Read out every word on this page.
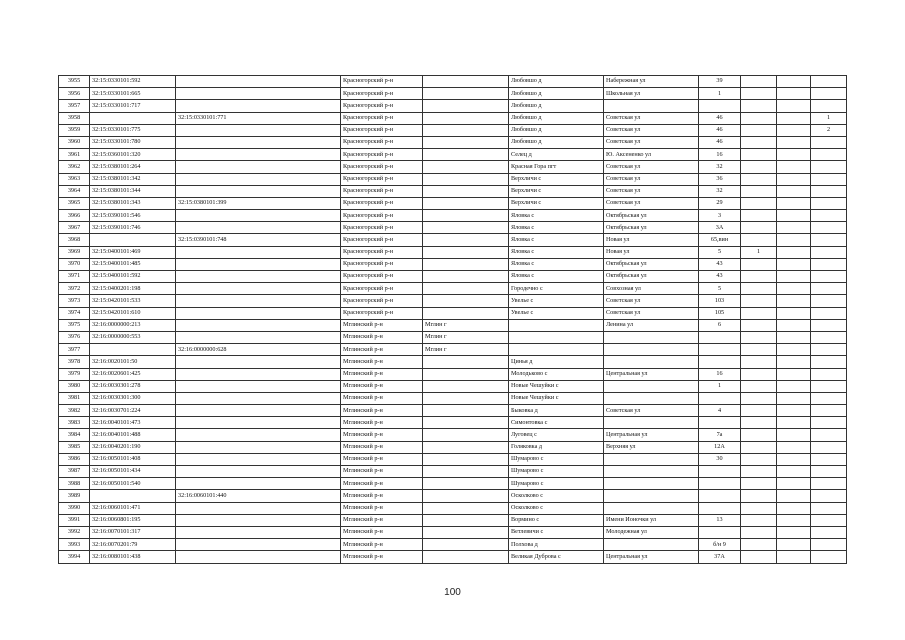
3955	32:15:0330101:592		Красногорский р-н		Любовшо д	Набережная ул	39			
3956	32:15:0330101:665		Красногорский р-н		Любовшо д	Школьная ул	1			
3957	32:15:0330101:717		Красногорский р-н		Любовшо д					
3958		32:15:0330101:771	Красногорский р-н		Любовшо д	Советская ул	46			1
3959	32:15:0330101:775		Красногорский р-н		Любовшо д	Советская ул	46			2
3960	32:15:0330101:780		Красногорский р-н		Любовшо д	Советская ул	46			
3961	32:15:0360101:320		Красногорский р-н		Селец д	Ю. Аксененко ул	16			
3962	32:15:0380101:264		Красногорский р-н		Красная Гора пгт	Советская ул	32			
3963	32:15:0380101:342		Красногорский р-н		Верхличи с	Советская ул	36			
3964	32:15:0380101:344		Красногорский р-н		Верхличи с	Советская ул	32			
3965	32:15:0380101:343	32:15:0380101:399	Красногорский р-н		Верхличи с	Советская ул	29			
3966	32:15:0390101:546		Красногорский р-н		Яловка с	Октябрьская ул	3			
3967	32:15:0390101:746		Красногорский р-н		Яловка с	Октябрьская ул	3А			
3968		32:15:0390101:748	Красногорский р-н		Яловка с	Новая ул	65,вин			
3969	32:15:0400101:469		Красногорский р-н		Яловка с	Новая ул	5	1		
3970	32:15:0400101:485		Красногорский р-н		Яловка с	Октябрьская ул	43			
3971	32:15:0400101:592		Красногорский р-н		Яловка с	Октябрьская ул	43			
3972	32:15:0400201:198		Красногорский р-н		Городечно с	Совхозная ул	5			
3973	32:15:0420101:533		Красногорский р-н		Увелье с	Советская ул	103			
3974	32:15:0420101:610		Красногорский р-н		Увелье с	Советская ул	105			
3975	32:16:0000000:213		Мглинский р-н	Мглин г		Ленина ул	6			
3976	32:16:0000000:553		Мглинский р-н	Мглин г						
3977		32:16:0000000:628	Мглинский р-н	Мглин г						
3978	32:16:0020101:50		Мглинский р-н		Цинья д					
3979	32:16:0020601:425		Мглинский р-н		Молодьково с	Центральная ул	16			
3980	32:16:0030301:278		Мглинский р-н		Новые Чешуйки с		1			
3981	32:16:0030301:300		Мглинский р-н		Новые Чешуйки с					
3982	32:16:0030701:224		Мглинский р-н		Быковка д	Советская ул	4			
3983	32:16:0040101:473		Мглинский р-н		Симонтовка с					
3984	32:16:0040101:488		Мглинский р-н		Луговец с	Центральная ул	7а			
3985	32:16:0040201:190		Мглинский р-н		Голяковка д	Верхняя ул	12А			
3986	32:16:0050101:408		Мглинский р-н		Шумарово с		30			
3987	32:16:0050101:434		Мглинский р-н		Шумарово с					
3988	32:16:0050101:540		Мглинский р-н		Шумарово с					
3989		32:16:0060101:440	Мглинский р-н		Осколково с					
3990	32:16:0060101:471		Мглинский р-н		Осколково с					
3991	32:16:0060801:195		Мглинский р-н		Вормино с	Имени Ионочки ул	13			
3992	32:16:0070101:317		Мглинский р-н		Ветлевичи с	Молодежная ул				
3993	32:16:0070201:79		Мглинский р-н		Полхова д		б/н 9			
3994	32:16:0080101:438		Мглинский р-н		Великая Дуброва с	Центральная ул	37А			
100
